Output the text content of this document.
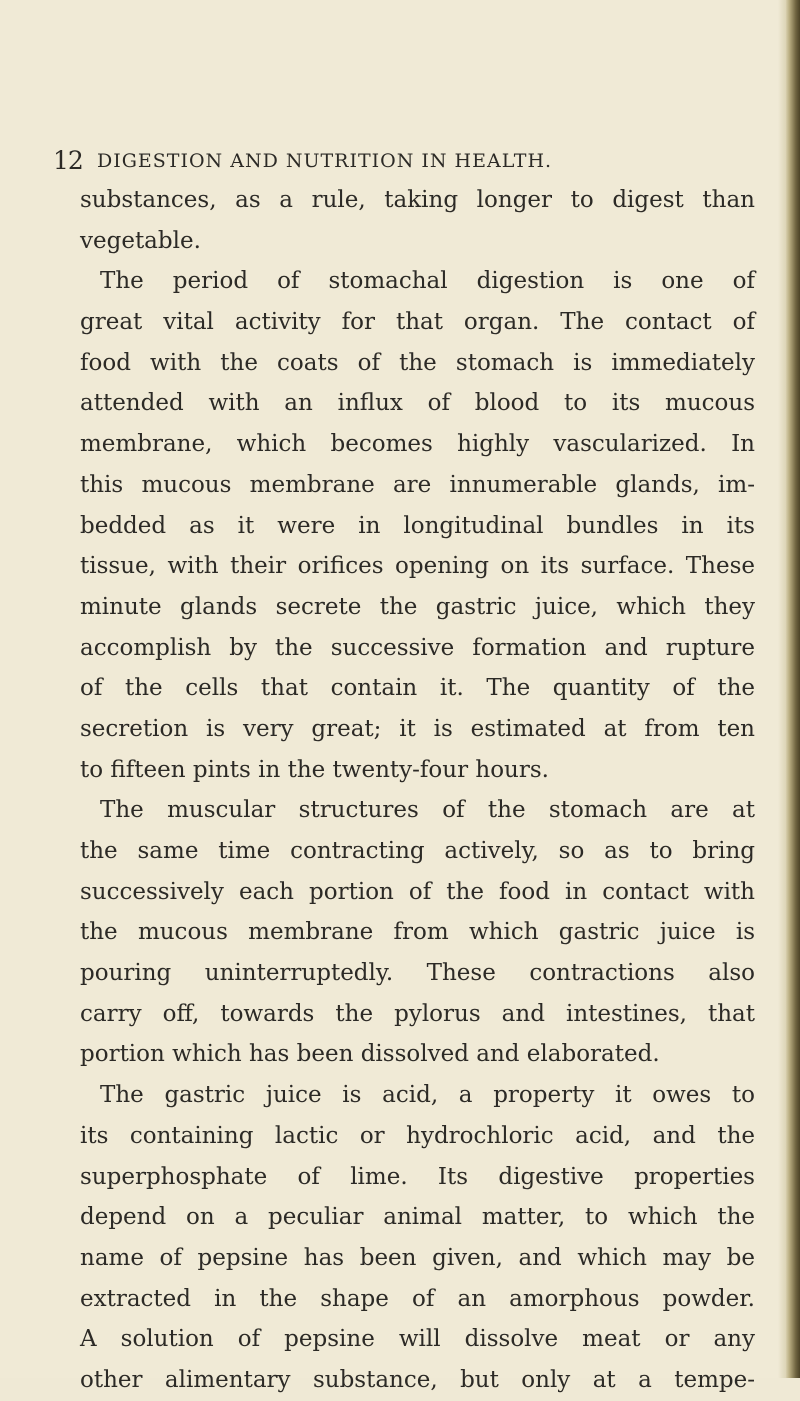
12 DIGESTION AND NUTRITION IN HEALTH.
substances, as a rule, taking longer to digest than
vegetable.
The period of stomachal digestion is one of
great vital activity for that organ. The contact of
food with the coats of the stomach is immediately
attended with an influx of blood to its mucous
membrane, which becomes highly vascularized. In
this mucous membrane are innumerable glands, im-
bedded as it were in longitudinal bundles in its
tissue, with their orifices opening on its surface. These
minute glands secrete the gastric juice, which they
accomplish by the successive formation and rupture
of the cells that contain it. The quantity of the
secretion is very great; it is estimated at from ten
to fifteen pints in the twenty-four hours.
The muscular structures of the stomach are at
the same time contracting actively, so as to bring
successively each portion of the food in contact with
the mucous membrane from which gastric juice is
pouring uninterruptedly. These contractions also
carry off, towards the pylorus and intestines, that
portion which has been dissolved and elaborated.
The gastric juice is acid, a property it owes to
its containing lactic or hydrochloric acid, and the
superphosphate of lime. Its digestive properties
depend on a peculiar animal matter, to which the
name of pepsine has been given, and which may be
extracted in the shape of an amorphous powder.
A solution of pepsine will dissolve meat or any
other alimentary substance, but only at a tempe-
